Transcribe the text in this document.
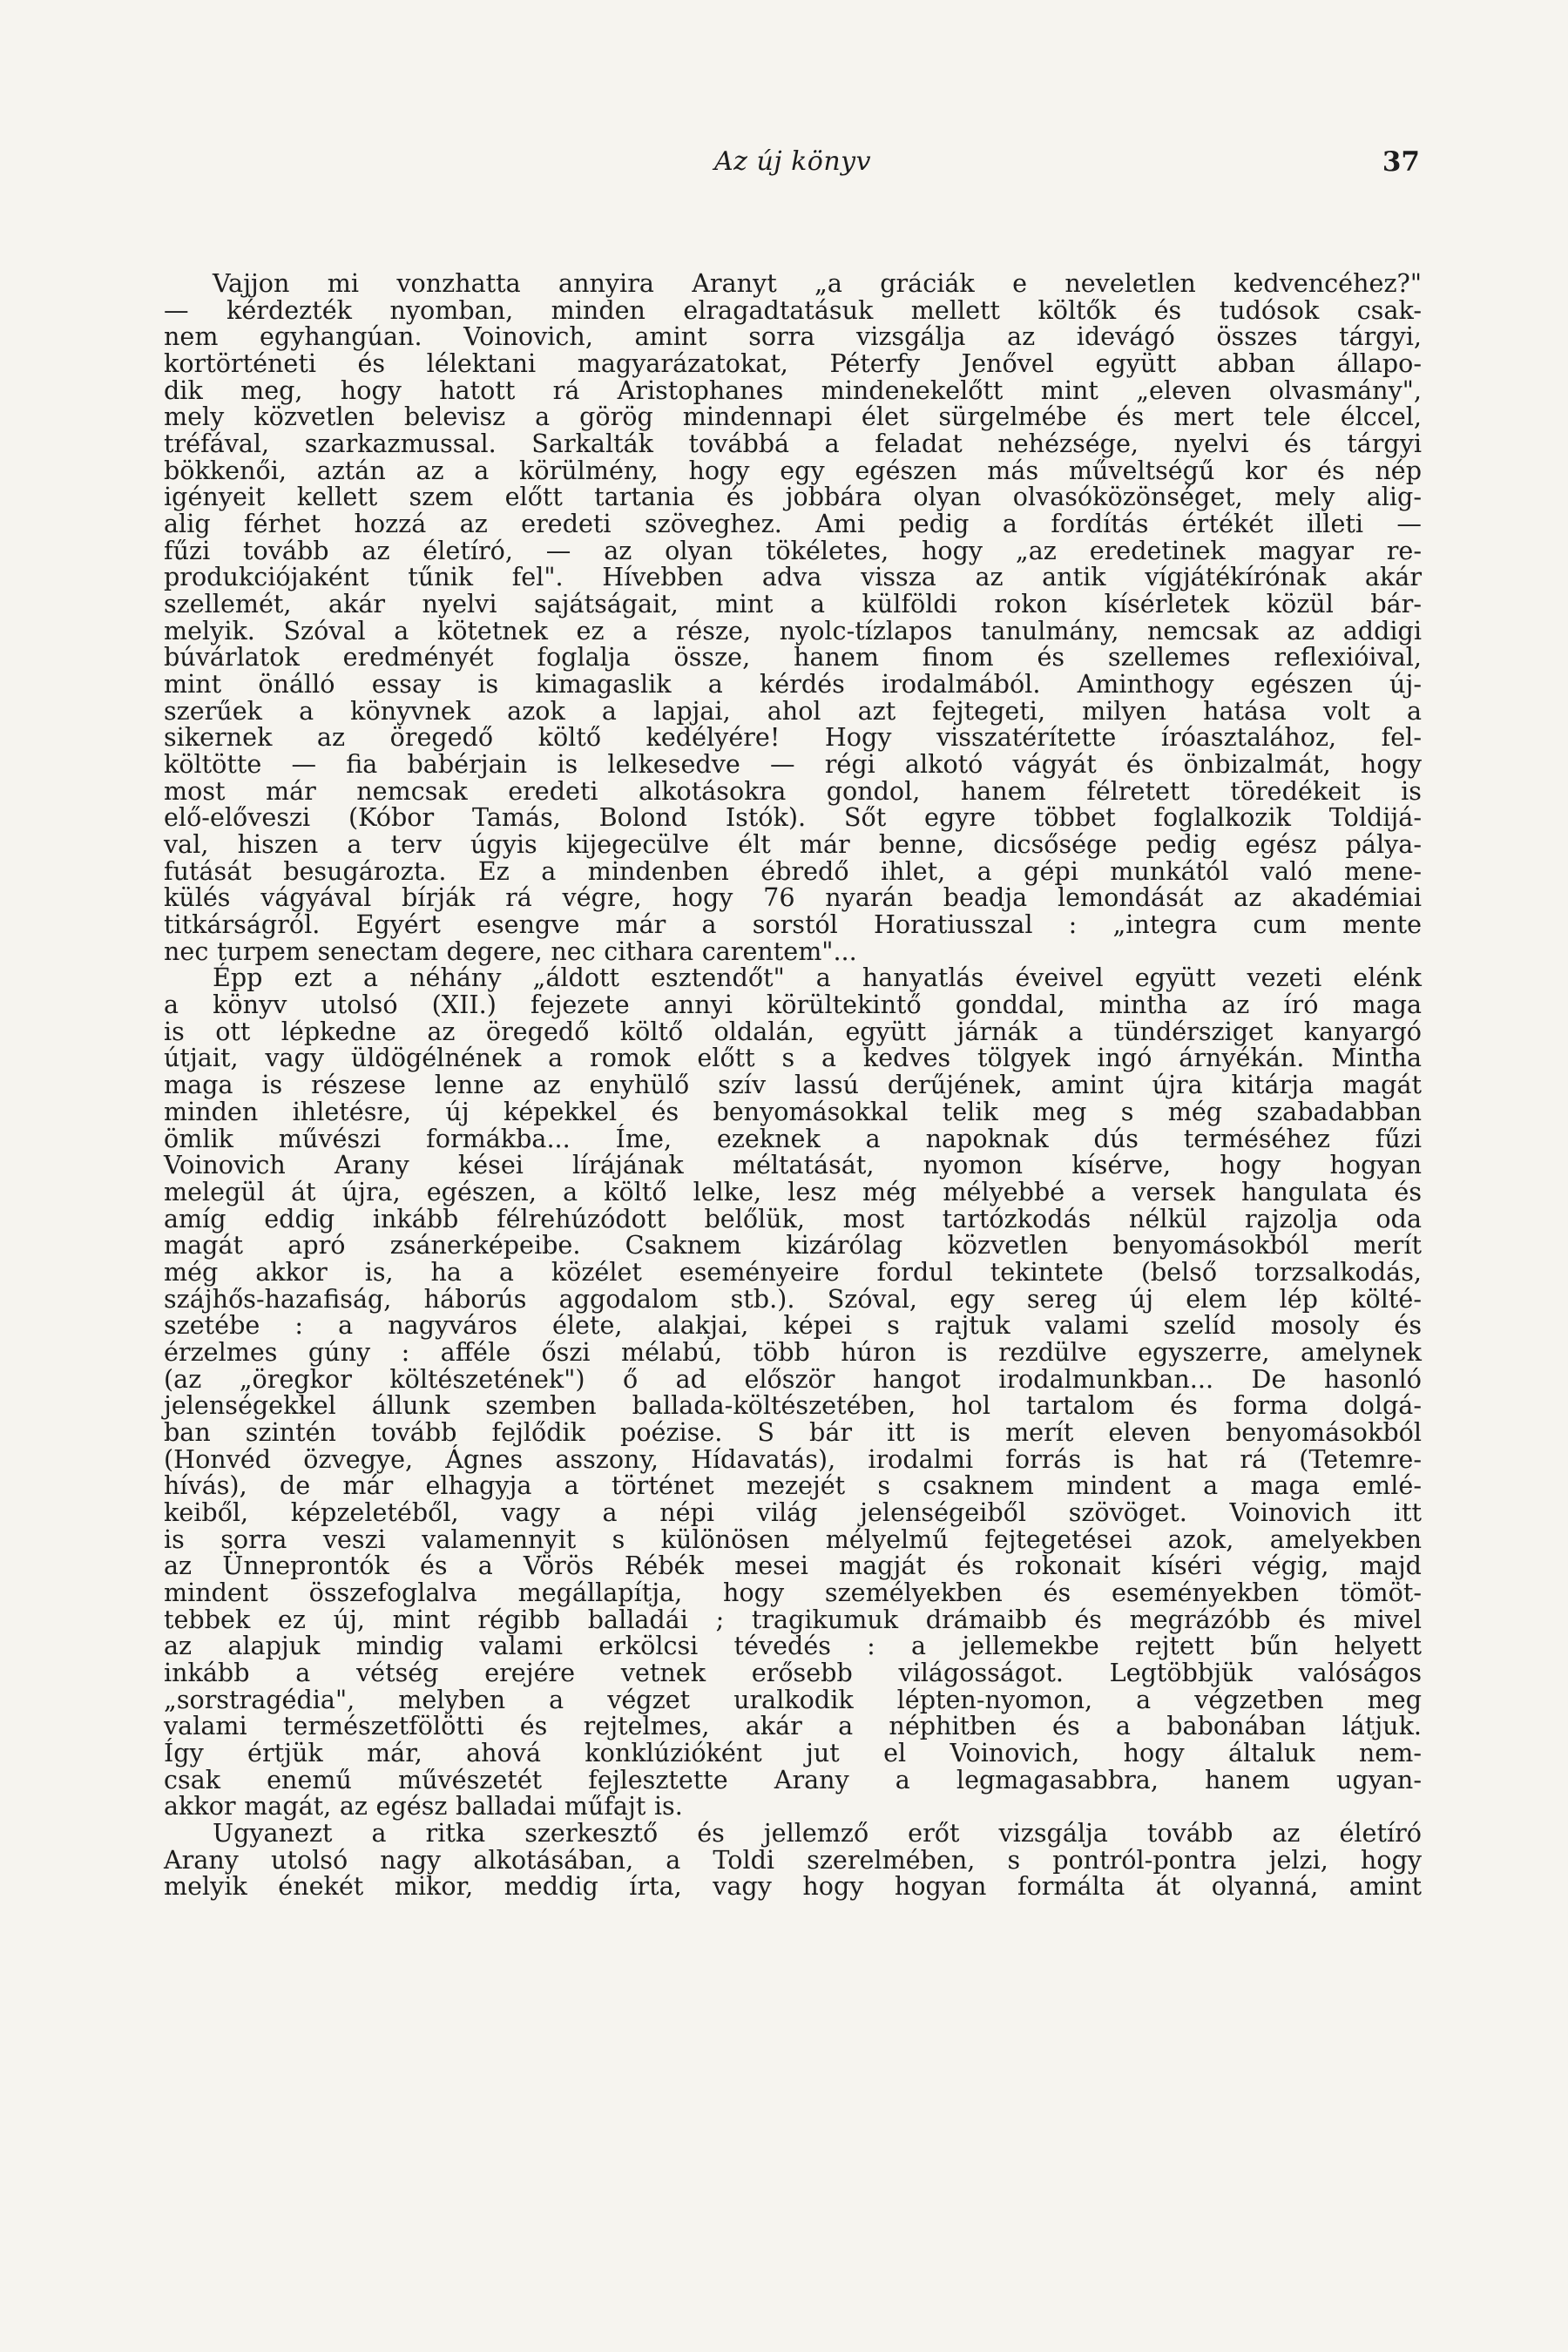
Az új könyv	37
Vajjon mi vonzhatta annyira Aranyt „a gráciák e neveletlen kedvencéhez?"
— kérdezték nyomban, minden elragadtatásuk mellett költők és tudósok csak-
nem egyhangúan. Voinovich, amint sorra vizsgálja az idevágó összes tárgyi,
kortörténeti és lélektani magyarázatokat, Péterfy Jenővel együtt abban állapo-
dik meg, hogy hatott rá Aristophanes mindenekelőtt mint „eleven olvasmány",
mely közvetlen belevisz a görög mindennapi élet sürgelmébe és mert tele élccel,
tréfával, szarkazmussal. Sarkalták továbbá a feladat nehézsége, nyelvi és tárgyi
bökkenői, aztán az a körülmény, hogy egy egészen más műveltségű kor és nép
igényeit kellett szem előtt tartania és jobbára olyan olvasóközönséget, mely alig-
alig férhet hozzá az eredeti szöveghez. Ami pedig a fordítás értékét illeti —
fűzi tovább az életíró, — az olyan tökéletes, hogy „az eredetinek magyar re-
produkciójaként tűnik fel". Hívebben adva vissza az antik vígjátékírónak akár
szellemét, akár nyelvi sajátságait, mint a külföldi rokon kísérletek közül bár-
melyik. Szóval a kötetnek ez a része, nyolc-tízlapos tanulmány, nemcsak az addigi
búvárlatok eredményét foglalja össze, hanem finom és szellemes reflexióival,
mint önálló essay is kimagaslik a kérdés irodalmából. Aminthogy egészen új-
szerűek a könyvnek azok a lapjai, ahol azt fejtegeti, milyen hatása volt a
sikernek az öregedő költő kedélyére! Hogy visszatérítette íróasztalához, fel-
költötte — fia babérjain is lelkesedve — régi alkotó vágyát és önbizalmát, hogy
most már nemcsak eredeti alkotásokra gondol, hanem félretett töredékeit is
elő-előveszi (Kóbor Tamás, Bolond Istók). Sőt egyre többet foglalkozik Toldijá-
val, hiszen a terv úgyis kijegecülve élt már benne, dicsősége pedig egész pálya-
futását besugározta. Ez a mindenben ébredő ihlet, a gépi munkától való mene-
külés vágyával bírják rá végre, hogy 76 nyarán beadja lemondását az akadémiai
titkárságról. Egyért esengve már a sorstól Horatiusszal : „integra cum mente
nec turpem senectam degere, nec cithara carentem"...
Épp ezt a néhány „áldott esztendőt" a hanyatlás éveivel együtt vezeti elénk
a könyv utolsó (XII.) fejezete annyi körültekintő gonddal, mintha az író maga
is ott lépkedne az öregedő költő oldalán, együtt járnák a tündérsziget kanyargó
útjait, vagy üldögélnének a romok előtt s a kedves tölgyek ingó árnyékán. Mintha
maga is részese lenne az enyhülő szív lassú derűjének, amint újra kitárja magát
minden ihletésre, új képekkel és benyomásokkal telik meg s még szabadabban
ömlik művészi formákba... Íme, ezeknek a napoknak dús terméséhez fűzi
Voinovich Arany kései lírájának méltatását, nyomon kísérve, hogy hogyan
melegül át újra, egészen, a költő lelke, lesz még mélyebbé a versek hangulata és
amíg eddig inkább félrehúzódott belőlük, most tartózkodás nélkül rajzolja oda
magát apró zsánerképeibe. Csaknem kizárólag közvetlen benyomásokból merít
még akkor is, ha a közélet eseményeire fordul tekintete (belső torzsalkodás,
szájhős-hazafiság, háborús aggodalom stb.). Szóval, egy sereg új elem lép költé-
szetébe : a nagyváros élete, alakjai, képei s rajtuk valami szelíd mosoly és
érzelmes gúny : afféle őszi mélabú, több húron is rezdülve egyszerre, amelynek
(az „öregkor költészetének") ő ad először hangot irodalmunkban... De hasonló
jelenségekkel állunk szemben ballada-költészetében, hol tartalom és forma dolgá-
ban szintén tovább fejlődik poézise. S bár itt is merít eleven benyomásokból
(Honvéd özvegye, Ágnes asszony, Hídavatás), irodalmi forrás is hat rá (Tetemre-
hívás), de már elhagyja a történet mezejét s csaknem mindent a maga emlé-
keiből, képzeletéből, vagy a népi világ jelenségeiből szövöget. Voinovich itt
is sorra veszi valamennyit s különösen mélyelmű fejtegetései azok, amelyekben
az Ünneprontók és a Vörös Rébék mesei magját és rokonait kíséri végig, majd
mindent összefoglalva megállapítja, hogy személyekben és eseményekben tömöt-
tebbek ez új, mint régibb balladái ; tragikumuk drámaibb és megrázóbb és mivel
az alapjuk mindig valami erkölcsi tévedés : a jellemekbe rejtett bűn helyett
inkább a vétség erejére vetnek erősebb világosságot. Legtöbbjük valóságos
„sorstragédia", melyben a végzet uralkodik lépten-nyomon, a végzetben meg
valami természetfölötti és rejtelmes, akár a néphitben és a babonában látjuk.
Így értjük már, ahová konklúzióként jut el Voinovich, hogy általuk nem-
csak enemű művészetét fejlesztette Arany a legmagasabbra, hanem ugyan-
akkor magát, az egész balladai műfajt is.
Ugyanezt a ritka szerkesztő és jellemző erőt vizsgálja tovább az életíró
Arany utolsó nagy alkotásában, a Toldi szerelmében, s pontról-pontra jelzi, hogy
melyik énekét mikor, meddig írta, vagy hogy hogyan formálta át olyanná, amint
